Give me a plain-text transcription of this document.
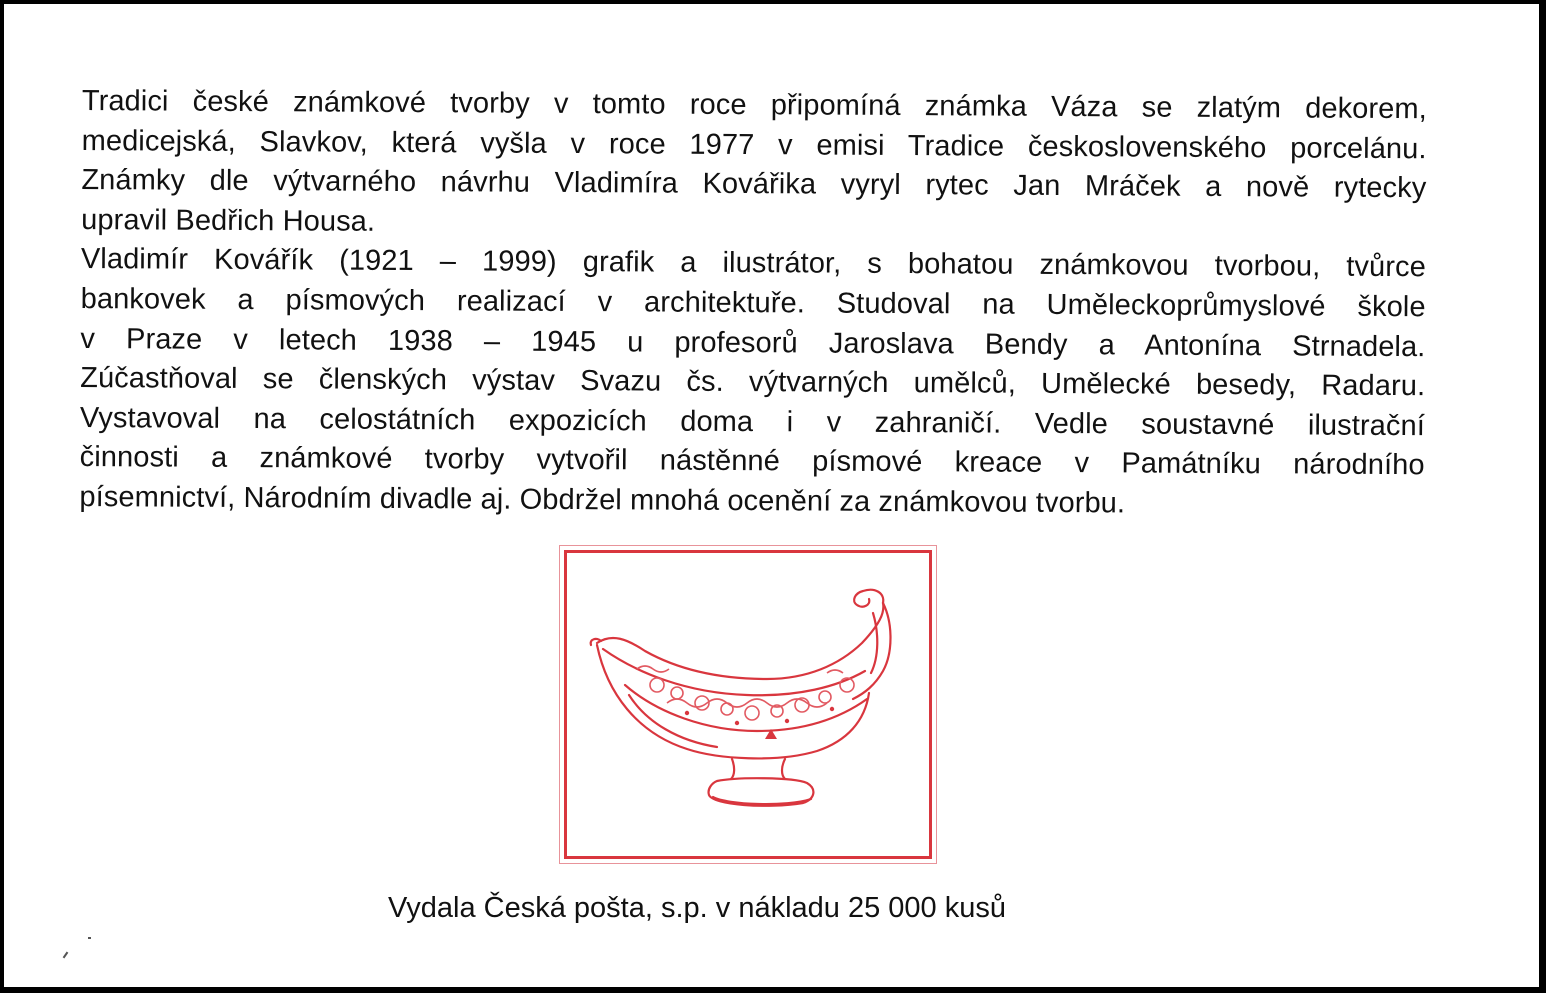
Tradici české známkové tvorby v tomto roce připomíná známka Váza se zlatým dekorem,
medicejská, Slavkov, která vyšla v roce 1977 v emisi Tradice československého porcelánu.
Známky dle výtvarného návrhu Vladimíra Kovářika vyryl rytec Jan Mráček a nově rytecky
upravil Bedřich Housa.
Vladimír Kovářík (1921 – 1999) grafik a ilustrátor, s bohatou známkovou tvorbou, tvůrce
bankovek a písmových realizací v architektuře. Studoval na Uměleckoprůmyslové škole
v Praze v letech 1938 – 1945 u profesorů Jaroslava Bendy a Antonína Strnadela.
Zúčastňoval se členských výstav Svazu čs. výtvarných umělců, Umělecké besedy, Radaru.
Vystavoval na celostátních expozicích doma i v zahraničí. Vedle soustavné ilustrační
činnosti a známkové tvorby vytvořil nástěnné písmové kreace v Památníku národního
písemnictví, Národním divadle aj. Obdržel mnohá ocenění za známkovou tvorbu.
Vydala Česká pošta, s.p. v nákladu 25 000 kusů
